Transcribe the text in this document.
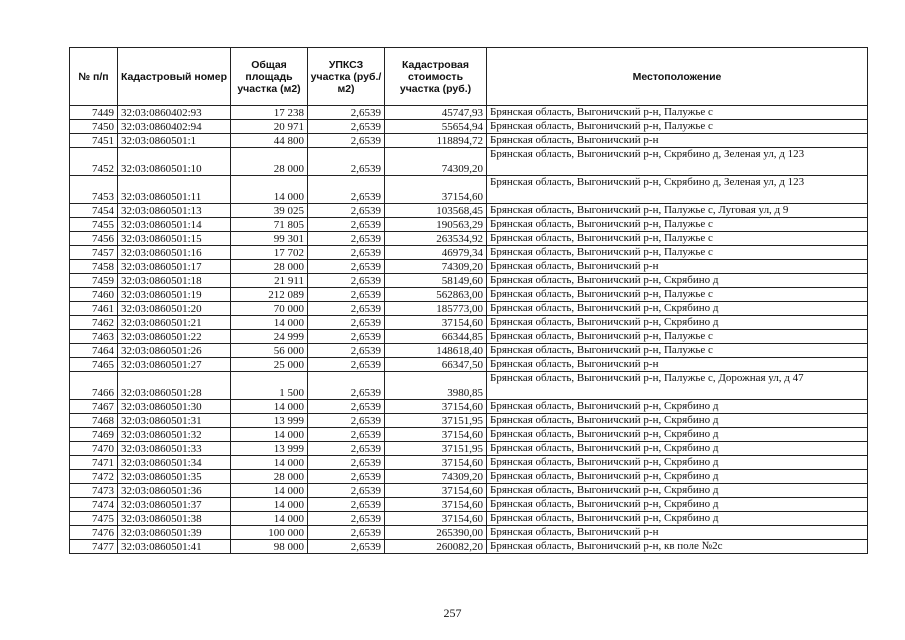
№ п/п	Кадастровый номер	Общая площадь участка (м2)	УПКСЗ участка (руб./м2)	Кадастровая стоимость участка (руб.)	Местоположение
7449	32:03:0860402:93	17 238	2,6539	45747,93	Брянская область, Выгоничский р-н, Палужье с
7450	32:03:0860402:94	20 971	2,6539	55654,94	Брянская область, Выгоничский р-н, Палужье с
7451	32:03:0860501:1	44 800	2,6539	118894,72	Брянская область, Выгоничский р-н
7452	32:03:0860501:10	28 000	2,6539	74309,20	Брянская область, Выгоничский р-н, Скрябино д, Зеленая ул, д 123
7453	32:03:0860501:11	14 000	2,6539	37154,60	Брянская область, Выгоничский р-н, Скрябино д, Зеленая ул, д 123
7454	32:03:0860501:13	39 025	2,6539	103568,45	Брянская область, Выгоничский р-н, Палужье с, Луговая ул, д 9
7455	32:03:0860501:14	71 805	2,6539	190563,29	Брянская область, Выгоничский р-н, Палужье с
7456	32:03:0860501:15	99 301	2,6539	263534,92	Брянская область, Выгоничский р-н, Палужье с
7457	32:03:0860501:16	17 702	2,6539	46979,34	Брянская область, Выгоничский р-н, Палужье с
7458	32:03:0860501:17	28 000	2,6539	74309,20	Брянская область, Выгоничский р-н
7459	32:03:0860501:18	21 911	2,6539	58149,60	Брянская область, Выгоничский р-н, Скрябино д
7460	32:03:0860501:19	212 089	2,6539	562863,00	Брянская область, Выгоничский р-н, Палужье с
7461	32:03:0860501:20	70 000	2,6539	185773,00	Брянская область, Выгоничский р-н, Скрябино д
7462	32:03:0860501:21	14 000	2,6539	37154,60	Брянская область, Выгоничский р-н, Скрябино д
7463	32:03:0860501:22	24 999	2,6539	66344,85	Брянская область, Выгоничский р-н, Палужье с
7464	32:03:0860501:26	56 000	2,6539	148618,40	Брянская область, Выгоничский р-н, Палужье с
7465	32:03:0860501:27	25 000	2,6539	66347,50	Брянская область, Выгоничский р-н
7466	32:03:0860501:28	1 500	2,6539	3980,85	Брянская область, Выгоничский р-н, Палужье с, Дорожная ул, д 47
7467	32:03:0860501:30	14 000	2,6539	37154,60	Брянская область, Выгоничский р-н, Скрябино д
7468	32:03:0860501:31	13 999	2,6539	37151,95	Брянская область, Выгоничский р-н, Скрябино д
7469	32:03:0860501:32	14 000	2,6539	37154,60	Брянская область, Выгоничский р-н, Скрябино д
7470	32:03:0860501:33	13 999	2,6539	37151,95	Брянская область, Выгоничский р-н, Скрябино д
7471	32:03:0860501:34	14 000	2,6539	37154,60	Брянская область, Выгоничский р-н, Скрябино д
7472	32:03:0860501:35	28 000	2,6539	74309,20	Брянская область, Выгоничский р-н, Скрябино д
7473	32:03:0860501:36	14 000	2,6539	37154,60	Брянская область, Выгоничский р-н, Скрябино д
7474	32:03:0860501:37	14 000	2,6539	37154,60	Брянская область, Выгоничский р-н, Скрябино д
7475	32:03:0860501:38	14 000	2,6539	37154,60	Брянская область, Выгоничский р-н, Скрябино д
7476	32:03:0860501:39	100 000	2,6539	265390,00	Брянская область, Выгоничский р-н
7477	32:03:0860501:41	98 000	2,6539	260082,20	Брянская область, Выгоничский р-н, кв поле №2с
257
